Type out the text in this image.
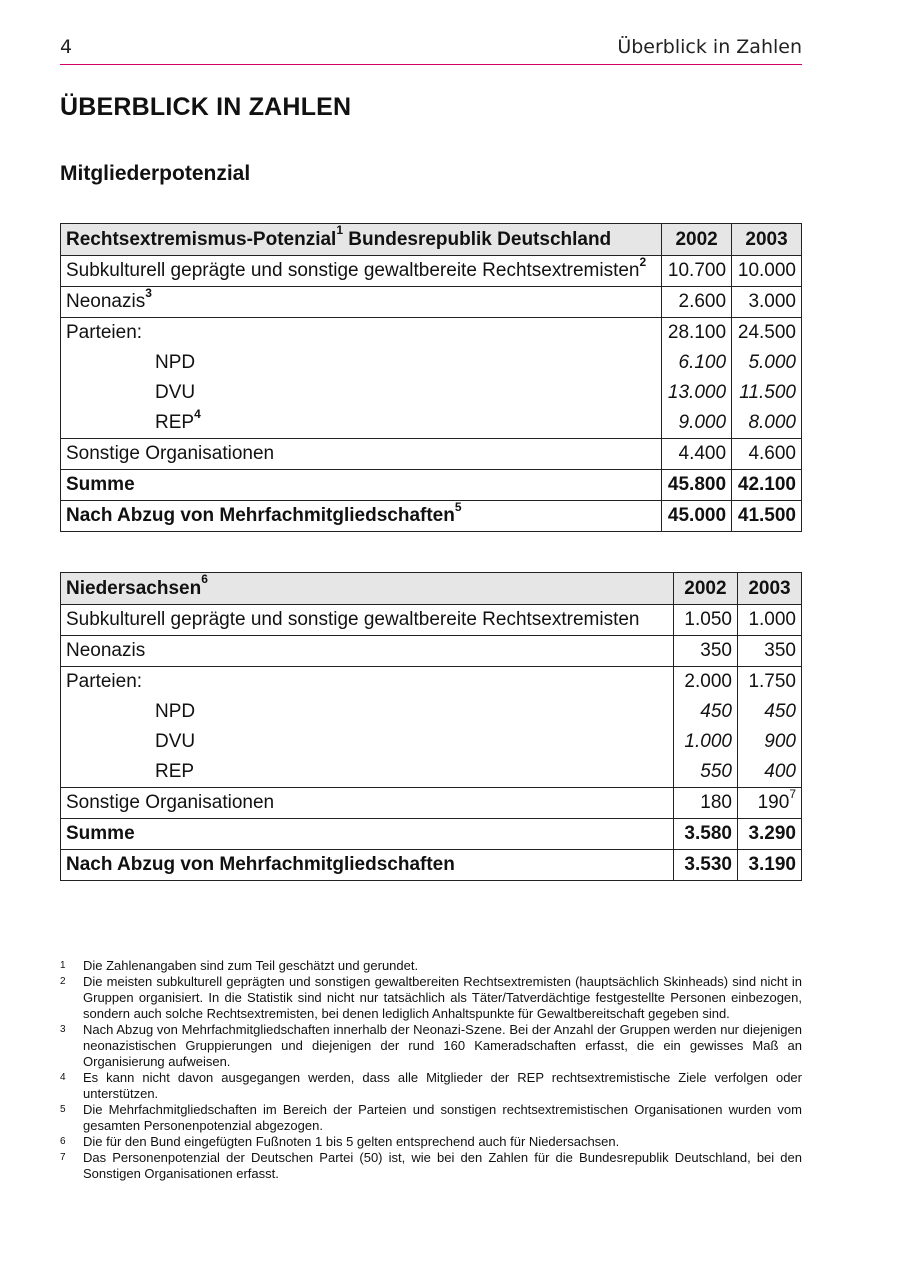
4	Überblick in Zahlen
ÜBERBLICK IN ZAHLEN
Mitgliederpotenzial
Rechtsextremismus-Potenzial$^1$ Bundesrepublik Deutschland	2002	2003
Subkulturell geprägte und sonstige gewaltbereite Rechtsextremisten$^2$	10.700	10.000
Neonazis$^3$	2.600	3.000
Parteien:	28.100	24.500
NPD	6.100	5.000
DVU	13.000	11.500
REP$^4$	9.000	8.000
Sonstige Organisationen	4.400	4.600
Summe	45.800	42.100
Nach Abzug von Mehrfachmitgliedschaften$^5$	45.000	41.500
Niedersachsen$^6$	2002	2003
Subkulturell geprägte und sonstige gewaltbereite Rechtsextremisten	1.050	1.000
Neonazis	350	350
Parteien:	2.000	1.750
NPD	450	450
DVU	1.000	900
REP	550	400
Sonstige Organisationen	180	$190^7$
Summe	3.580	3.290
Nach Abzug von Mehrfachmitgliedschaften	3.530	3.190
1 Die Zahlenangaben sind zum Teil geschätzt und gerundet.
2 Die meisten subkulturell geprägten und sonstigen gewaltbereiten Rechtsextremisten (hauptsächlich Skinheads) sind nicht in Gruppen organisiert. In die Statistik sind nicht nur tatsächlich als Täter/Tatverdächtige festgestellte Personen einbezogen, sondern auch solche Rechtsextremisten, bei denen lediglich Anhaltspunkte für Gewaltbereitschaft gegeben sind.
3 Nach Abzug von Mehrfachmitgliedschaften innerhalb der Neonazi-Szene. Bei der Anzahl der Gruppen werden nur diejenigen neonazistischen Gruppierungen und diejenigen der rund 160 Kameradschaften erfasst, die ein gewisses Maß an Organisierung aufweisen.
4 Es kann nicht davon ausgegangen werden, dass alle Mitglieder der REP rechtsextremistische Ziele verfolgen oder unterstützen.
5 Die Mehrfachmitgliedschaften im Bereich der Parteien und sonstigen rechtsextremistischen Organisationen wurden vom gesamten Personenpotenzial abgezogen.
6 Die für den Bund eingefügten Fußnoten 1 bis 5 gelten entsprechend auch für Niedersachsen.
7 Das Personenpotenzial der Deutschen Partei (50) ist, wie bei den Zahlen für die Bundesrepublik Deutschland, bei den Sonstigen Organisationen erfasst.
